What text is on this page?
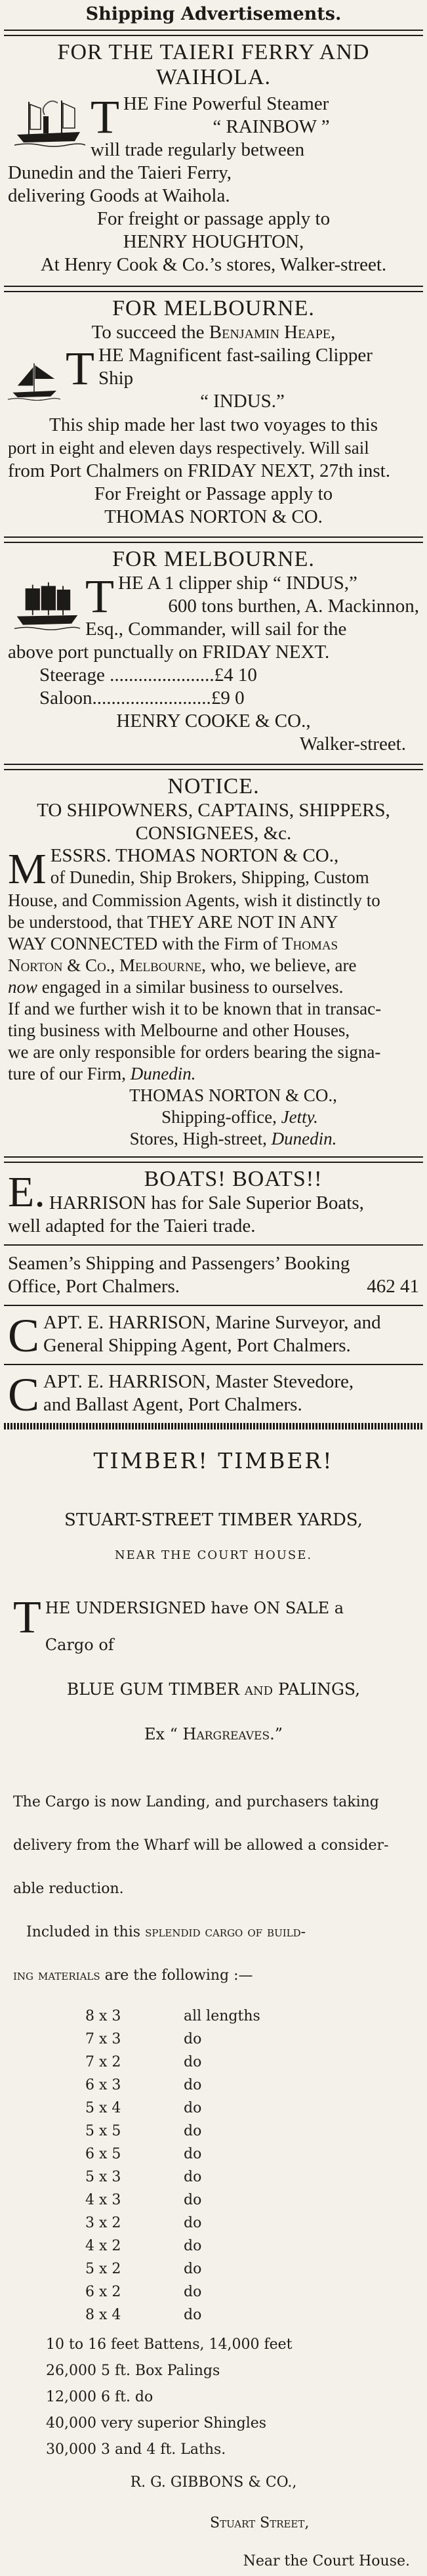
Shipping Advertisements.
FOR THE TAIERI FERRY AND
WAIHOLA.
T HE Fine Powerful Steamer
“ RAINBOW ”
will trade regularly between
Dunedin and the Taieri Ferry,
delivering Goods at Waihola.
For freight or passage apply to
HENRY HOUGHTON,
At Henry Cook & Co.’s stores, Walker-street.
FOR MELBOURNE.
To succeed the Benjamin Heape,
T HE Magnificent fast-sailing Clipper
Ship
“ INDUS.”
This ship made her last two voyages to this
port in eight and eleven days respectively. Will sail
from Port Chalmers on FRIDAY NEXT, 27th inst.
For Freight or Passage apply to
THOMAS NORTON & CO.
FOR MELBOURNE.
T HE A 1 clipper ship “ INDUS,”
600 tons burthen, A. Mackinnon,
Esq., Commander, will sail for the
above port punctually on FRIDAY NEXT.
Steerage ......................£4 10
Saloon.........................£9 0
HENRY COOKE & CO.,
Walker-street.
NOTICE.
TO SHIPOWNERS, CAPTAINS, SHIPPERS,
CONSIGNEES, &c.
M ESSRS. THOMAS NORTON & CO.,
of Dunedin, Ship Brokers, Shipping, Custom
House, and Commission Agents, wish it distinctly to
be understood, that THEY ARE NOT IN ANY
WAY CONNECTED with the Firm of Thomas
Norton & Co., Melbourne, who, we believe, are
now engaged in a similar business to ourselves.
If and we further wish it to be known that in transac-
ting business with Melbourne and other Houses,
we are only responsible for orders bearing the signa-
ture of our Firm, Dunedin.
THOMAS NORTON & CO.,
Shipping-office, Jetty.
Stores, High-street, Dunedin.
BOATS! BOATS!!
E. HARRISON has for Sale Superior Boats,
well adapted for the Taieri trade.
Seamen’s Shipping and Passengers’ Booking
Office, Port Chalmers.	462 41
C APT. E. HARRISON, Marine Surveyor, and
General Shipping Agent, Port Chalmers.
C APT. E. HARRISON, Master Stevedore,
and Ballast Agent, Port Chalmers.
TIMBER! TIMBER!
STUART-STREET TIMBER YARDS,
NEAR THE COURT HOUSE.
T HE UNDERSIGNED have ON SALE a
Cargo of
BLUE GUM TIMBER and PALINGS,
Ex “ Hargreaves.”
The Cargo is now Landing, and purchasers taking
delivery from the Wharf will be allowed a consider-
able reduction.
Included in this splendid cargo of build-
ing materials are the following :—
8 x 3	all lengths
7 x 3	do
7 x 2	do
6 x 3	do
5 x 4	do
5 x 5	do
6 x 5	do
5 x 3	do
4 x 3	do
3 x 2	do
4 x 2	do
5 x 2	do
6 x 2	do
8 x 4	do
10 to 16 feet Battens, 14,000 feet
26,000 5 ft. Box Palings
12,000 6 ft. do
40,000 very superior Shingles
30,000 3 and 4 ft. Laths.
R. G. GIBBONS & CO.,
Stuart Street,
Near the Court House.
